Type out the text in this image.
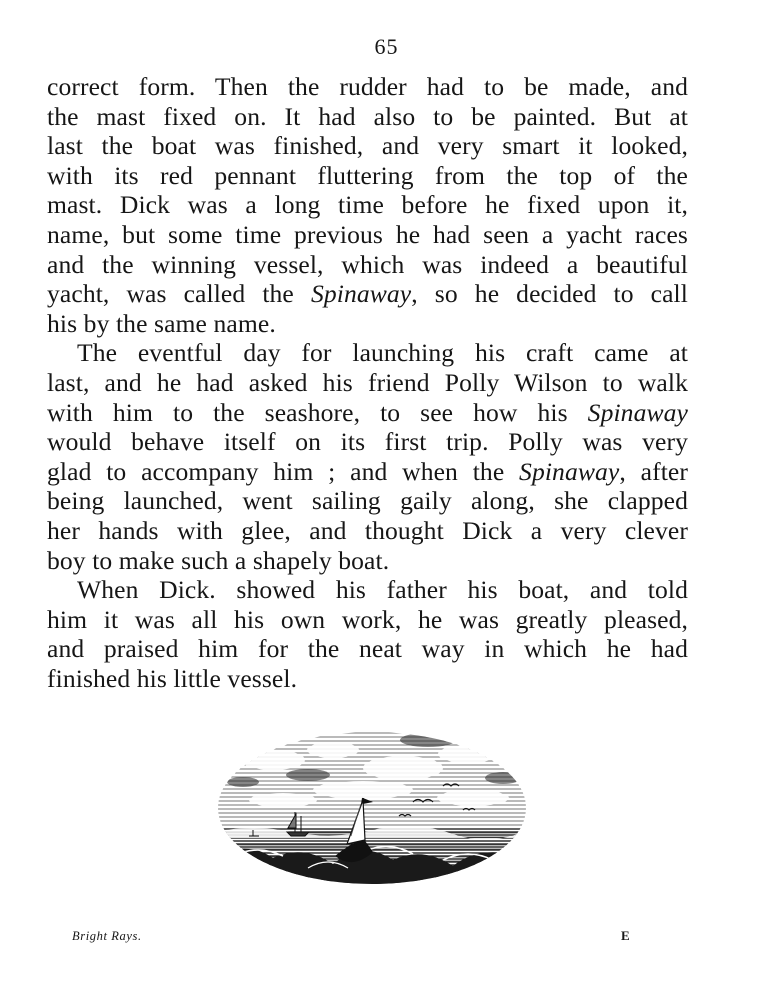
65
correct form. Then the rudder had to be made, and
the mast fixed on. It had also to be painted. But at
last the boat was finished, and very smart it looked,
with its red pennant fluttering from the top of the
mast. Dick was a long time before he fixed upon it,
name, but some time previous he had seen a yacht races
and the winning vessel, which was indeed a beautiful
yacht, was called the Spinaway, so he decided to call
his by the same name.
The eventful day for launching his craft came at
last, and he had asked his friend Polly Wilson to walk
with him to the seashore, to see how his Spinaway
would behave itself on its first trip. Polly was very
glad to accompany him ; and when the Spinaway, after
being launched, went sailing gaily along, she clapped
her hands with glee, and thought Dick a very clever
boy to make such a shapely boat.
When Dick. showed his father his boat, and told
him it was all his own work, he was greatly pleased,
and praised him for the neat way in which he had
finished his little vessel.
Bright Rays.	E
